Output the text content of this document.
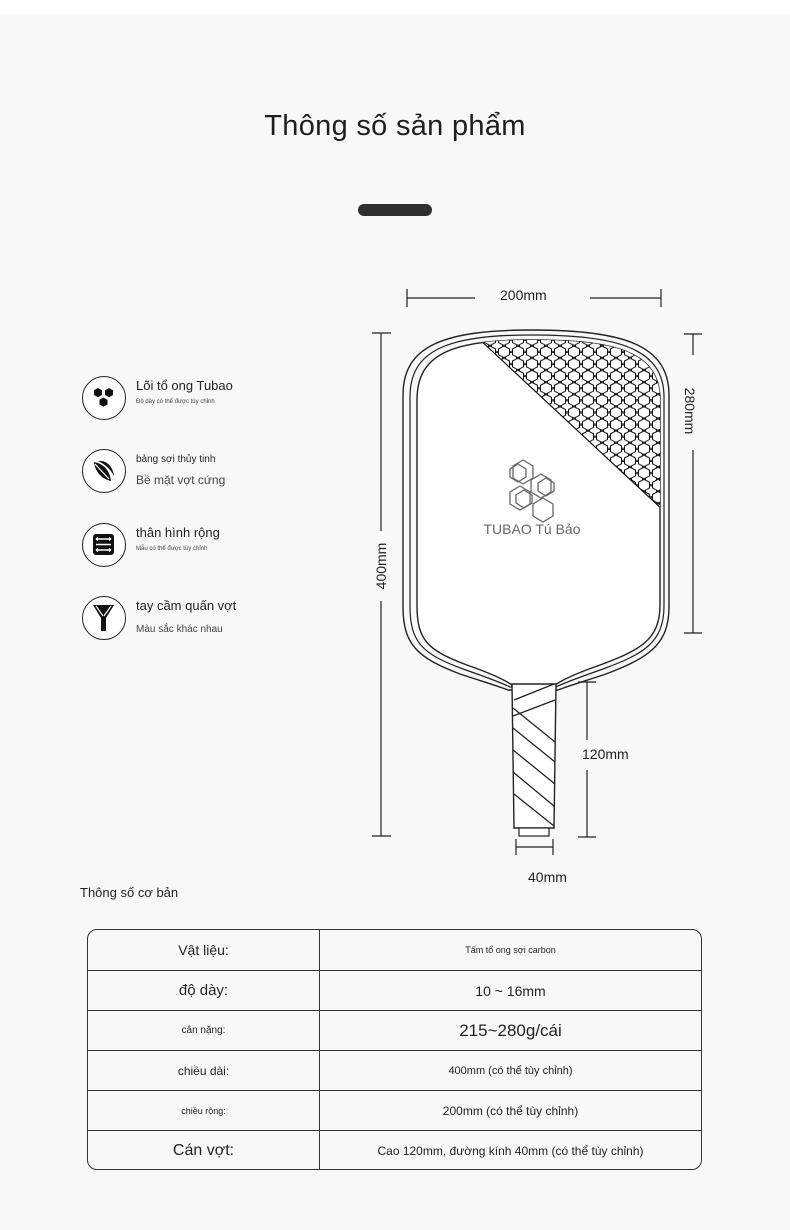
Thông số sản phẩm
Lõi tổ ong Tubao
Độ dày có thể được tùy chỉnh
bảng sợi thủy tinh
Bề mặt vợt cứng
thân hình rộng
Mẫu có thể được tùy chỉnh
tay cầm quấn vợt
Màu sắc khác nhau
200mm
280mm
400mm
120mm
40mm
TUBAO Tú Bảo
Thông số cơ bản
Vật liệu:	Tấm tổ ong sợi carbon
độ dày:	10 ~ 16mm
cân nặng:	215~280g/cái
chiều dài:	400mm (có thể tùy chỉnh)
chiều rộng:	200mm (có thể tùy chỉnh)
Cán vợt:	Cao 120mm, đường kính 40mm (có thể tùy chỉnh)
